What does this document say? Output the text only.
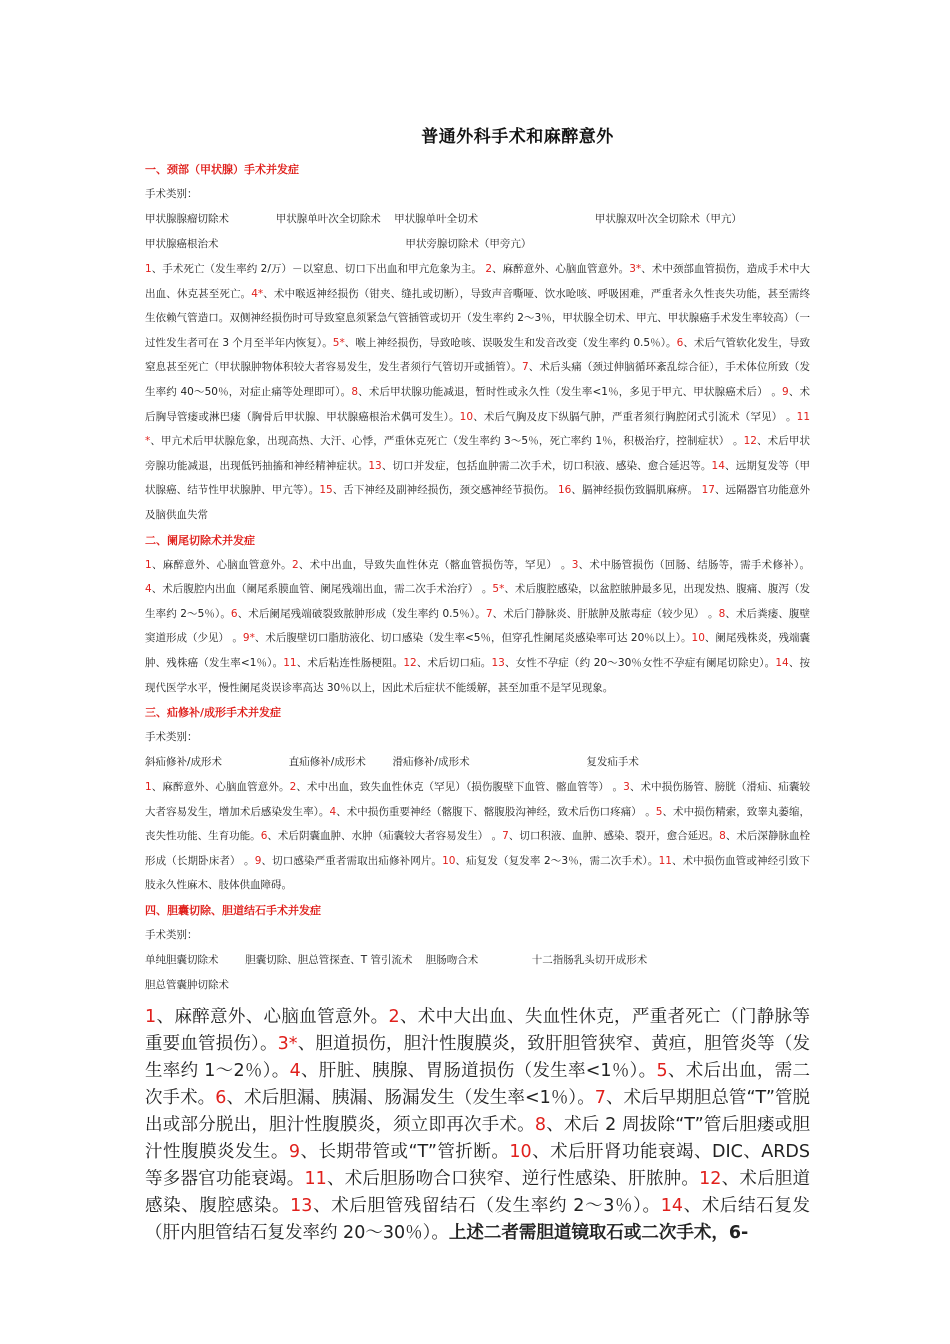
普通外科手术和麻醉意外
一、颈部（甲状腺）手术并发症
手术类别：
甲状腺腺瘤切除术              甲状腺单叶次全切除术    甲状腺单叶全切术                                   甲状腺双叶次全切除术（甲亢）
甲状腺癌根治术                                                        甲状旁腺切除术（甲旁亢）

1、手术死亡（发生率约 2/万）－以窒息、切口下出血和甲亢危象为主。 2、麻醉意外、心脑血管意外。3*、术中颈部血管损伤，造成手术中大出血、休克甚至死亡。4*、术中喉返神经损伤（钳夹、缝扎或切断），导致声音嘶哑、饮水呛咳、呼吸困难，严重者永久性丧失功能，甚至需终生依赖气管造口。双侧神经损伤时可导致窒息须紧急气管插管或切开（发生率约 2～3％，甲状腺全切术、甲亢、甲状腺癌手术发生率较高）（一过性发生者可在 3 个月至半年内恢复）。5*、喉上神经损伤，导致呛咳、误吸发生和发音改变（发生率约 0.5％）。6、术后气管软化发生，导致窒息甚至死亡（甲状腺肿物体积较大者容易发生，发生者须行气管切开或插管）。7、术后头痛（颈过伸脑循环紊乱综合征），手术体位所致（发生率约 40～50％，对症止痛等处理即可）。8、术后甲状腺功能减退，暂时性或永久性（发生率<1％，多见于甲亢、甲状腺癌术后） 。9、术后胸导管瘘或淋巴瘘（胸骨后甲状腺、甲状腺癌根治术偶可发生）。10、术后气胸及皮下纵膈气肿，严重者须行胸腔闭式引流术（罕见） 。11*、甲亢术后甲状腺危象，出现高热、大汗、心悸，严重休克死亡（发生率约 3～5％，死亡率约 1％，积极治疗，控制症状） 。12、术后甲状旁腺功能减退，出现低钙抽搐和神经精神症状。13、切口并发症，包括血肿需二次手术，切口积液、感染、愈合延迟等。14、远期复发等（甲状腺癌、结节性甲状腺肿、甲亢等）。15、舌下神经及副神经损伤，颈交感神经节损伤。 16、膈神经损伤致膈肌麻痹。 17、远隔器官功能意外及脑供血失常

二、阑尾切除术并发症

1、麻醉意外、心脑血管意外。2、术中出血，导致失血性休克（髂血管损伤等，罕见） 。3、术中肠管损伤（回肠、结肠等，需手术修补）。4、术后腹腔内出血（阑尾系膜血管、阑尾残端出血，需二次手术治疗） 。5*、术后腹腔感染，以盆腔脓肿最多见，出现发热、腹痛、腹泻（发生率约 2～5％）。6、术后阑尾残端破裂致脓肿形成（发生率约 0.5％）。7、术后门静脉炎、肝脓肿及脓毒症（较少见） 。8、术后粪瘘、腹壁窦道形成（少见） 。9*、术后腹壁切口脂肪液化、切口感染（发生率<5％，但穿孔性阑尾炎感染率可达 20％以上）。10、阑尾残株炎，残端囊肿、残株癌（发生率<1％）。11、术后粘连性肠梗阻。12、术后切口疝。13、女性不孕症（约 20～30％女性不孕症有阑尾切除史）。14、按现代医学水平，慢性阑尾炎误诊率高达 30％以上，因此术后症状不能缓解，甚至加重不是罕见现象。

三、疝修补/成形手术并发症
手术类别：
斜疝修补/成形术                    直疝修补/成形术        滑疝修补/成形术                                   复发疝手术

1、麻醉意外、心脑血管意外。2、术中出血，致失血性休克（罕见）（损伤腹壁下血管、髂血管等） 。3、术中损伤肠管、膀胱（滑疝、疝囊较大者容易发生，增加术后感染发生率）。4、术中损伤重要神经（髂腹下、髂腹股沟神经，致术后伤口疼痛） 。5、术中损伤精索，致睾丸萎缩，丧失性功能、生育功能。6、术后阴囊血肿、水肿（疝囊较大者容易发生） 。7、切口积液、血肿、感染、裂开，愈合延迟。8、术后深静脉血栓形成（长期卧床者） 。9、切口感染严重者需取出疝修补网片。10、疝复发（复发率 2～3％，需二次手术）。11、术中损伤血管或神经引致下肢永久性麻木、肢体供血障碍。

四、胆囊切除、胆道结石手术并发症
手术类别：
单纯胆囊切除术        胆囊切除、胆总管探查、T 管引流术    胆肠吻合术                十二指肠乳头切开成形术
胆总管囊肿切除术

1、麻醉意外、心脑血管意外。2、术中大出血、失血性休克，严重者死亡（门静脉等重要血管损伤）。3*、胆道损伤，胆汁性腹膜炎，致肝胆管狭窄、黄疸，胆管炎等（发生率约 1～2％）。4、肝脏、胰腺、胃肠道损伤（发生率<1％）。5、术后出血，需二次手术。6、术后胆漏、胰漏、肠漏发生（发生率<1％）。7、术后早期胆总管“T”管脱出或部分脱出，胆汁性腹膜炎，须立即再次手术。8、术后 2 周拔除“T”管后胆瘘或胆汁性腹膜炎发生。9、长期带管或“T”管折断。10、术后肝肾功能衰竭、DIC、ARDS 等多器官功能衰竭。11、术后胆肠吻合口狭窄、逆行性感染、肝脓肿。12、术后胆道感染、腹腔感染。13、术后胆管残留结石（发生率约 2～3％）。14、术后结石复发（肝内胆管结石复发率约 20～30％）。上述二者需胆道镜取石或二次手术，6-
